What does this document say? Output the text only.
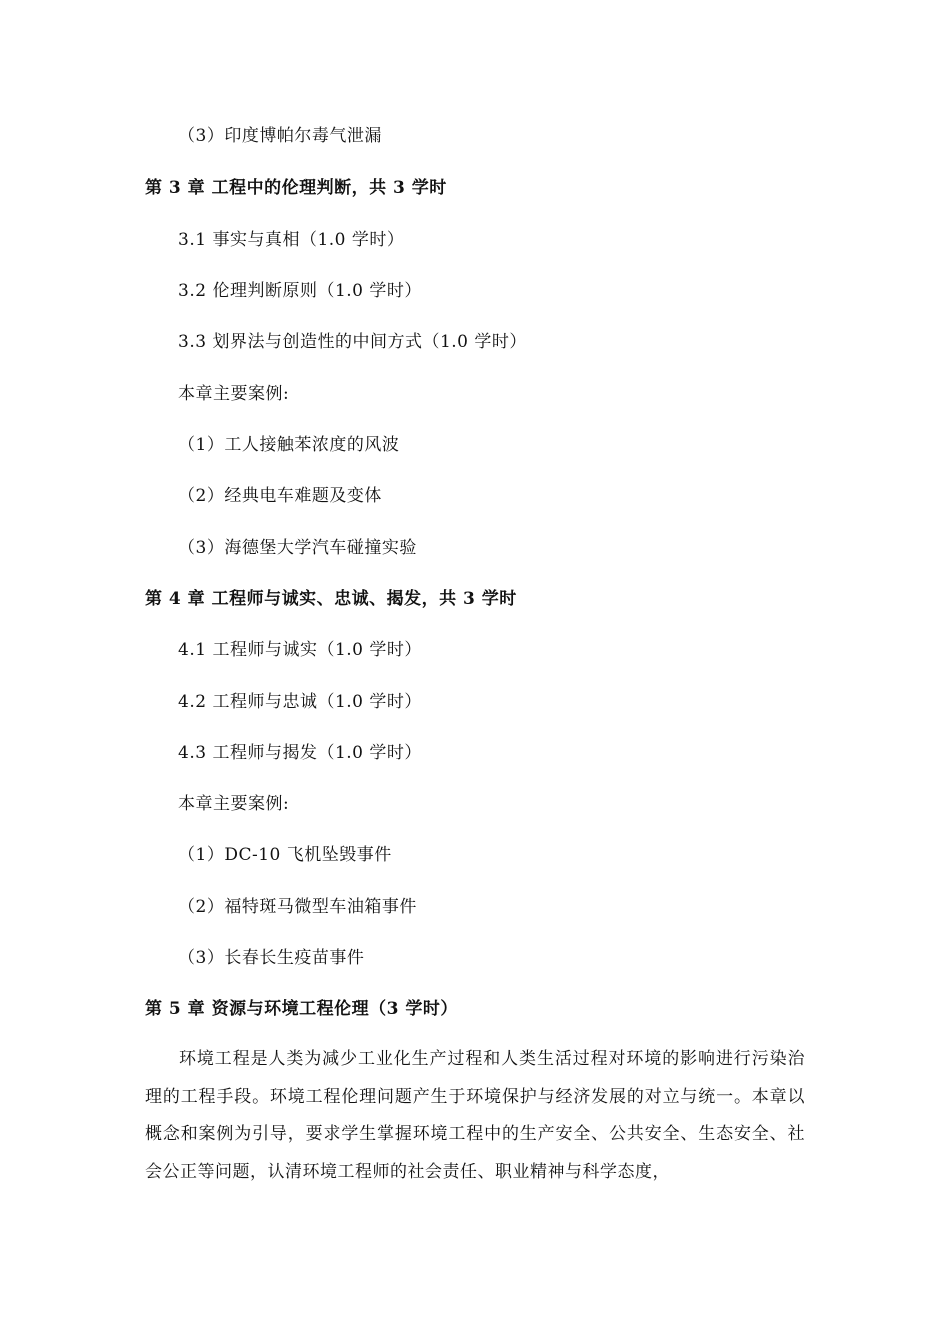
（3）印度博帕尔毒气泄漏
第 3 章 工程中的伦理判断，共 3 学时
3.1 事实与真相（1.0 学时）
3.2 伦理判断原则（1.0 学时）
3.3 划界法与创造性的中间方式（1.0 学时）
本章主要案例:
（1）工人接触苯浓度的风波
（2）经典电车难题及变体
（3）海德堡大学汽车碰撞实验
第 4 章 工程师与诚实、忠诚、揭发，共 3 学时
4.1 工程师与诚实（1.0 学时）
4.2 工程师与忠诚（1.0 学时）
4.3 工程师与揭发（1.0 学时）
本章主要案例:
（1）DC-10 飞机坠毁事件
（2）福特斑马微型车油箱事件
（3）长春长生疫苗事件
第 5 章 资源与环境工程伦理（3 学时）
环境工程是人类为减少工业化生产过程和人类生活过程对环境的影响进行污染治理的工程手段。环境工程伦理问题产生于环境保护与经济发展的对立与统一。本章以概念和案例为引导，要求学生掌握环境工程中的生产安全、公共安全、生态安全、社会公正等问题，认清环境工程师的社会责任、职业精神与科学态度，
